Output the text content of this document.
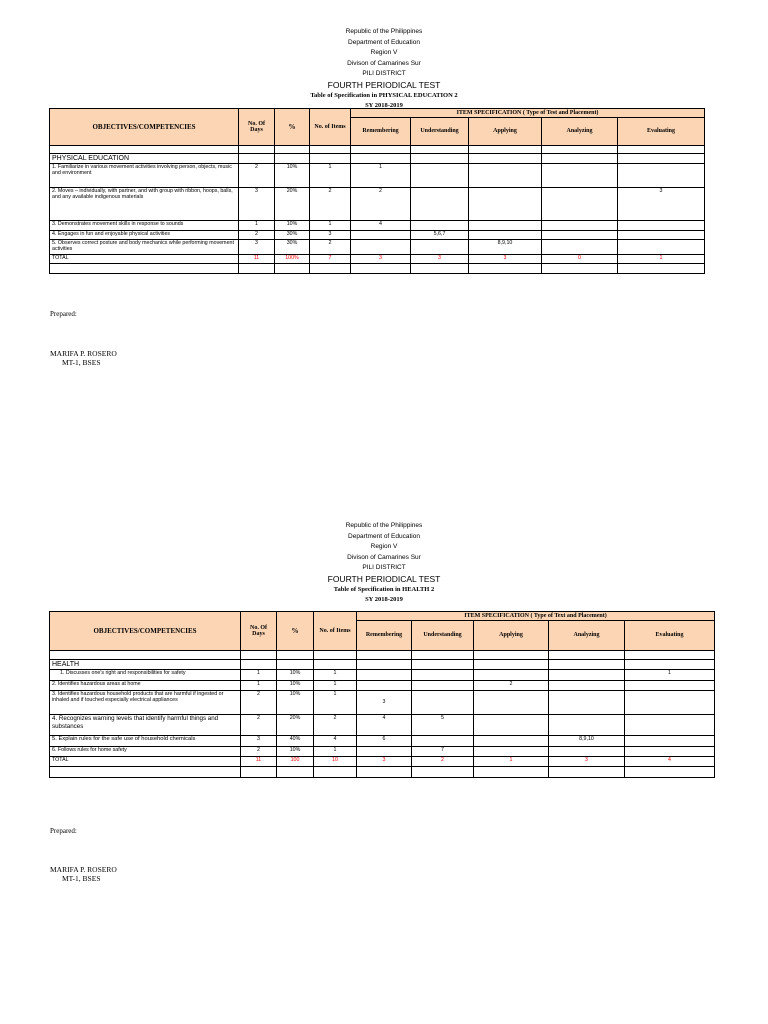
Republic of the Philippines
Department of Education
Region V
Divison of Camarines Sur
PILI DISTRICT
FOURTH PERIODICAL TEST
Table of Specification in PHYSICAL EDUCATION 2
SY 2018-2019
OBJECTIVES/COMPETENCIES	No. Of Days	%	No. of Items	ITEM SPECIFICATION ( Type of Test and Placement)				
				Remembering	Understanding	Applying	Analyzing	Evaluating

PHYSICAL EDUCATION								
1. Familiarize in various movement activities involving person, objects, music and environment	2	10%	1	1				
2. Moves – individually, with partner, and with group with ribbon, hoops, balls, and any available indigenous materials	3	20%	2	2				3
3. Demonstrates movement skills in response to sounds	1	10%	1	4				
4. Engages in fun and enjoyable physical activities	2	30%	3		5,6,7			
5. Observes correct posture and body mechanics while performing movement activities	3	30%	2			8,9,10		
TOTAL	11	100%	7	3	3	3	0	1

Prepared:
MARIFA P. ROSERO
MT-1, BSES
Republic of the Philippines
Department of Education
Region V
Divison of Camarines Sur
PILI DISTRICT
FOURTH PERIODICAL TEST
Table of Specification in HEALTH 2
SY 2018-2019
OBJECTIVES/COMPETENCIES	No. Of Days	%	No. of Items	ITEM SPECIFICATION ( Type of Text and Placement)				
				Remembering	Understanding	Applying	Analyzing	Evaluating

HEALTH								
1. Discusses one's right and responsibilities for safety	1	10%	1					1
2. Identifies hazardous areas at home	1	10%	1			2		
3. Identifies hazardous household products that are harmful if ingested or inhaled and if touched especially electrical appliances	2	10%	1	3				
4. Recognizes warning levels that identify harmful things and substances	2	20%	2	4	5			
5. Explain rules for the safe use of household chemicals	3	40%	4	6			8,9,10	
6. Follows rules for home safety	2	10%	1		7			
TOTAL	11	100	10	3	2	1	3	4

Prepared:
MARIFA P. ROSERO
MT-1, BSES
